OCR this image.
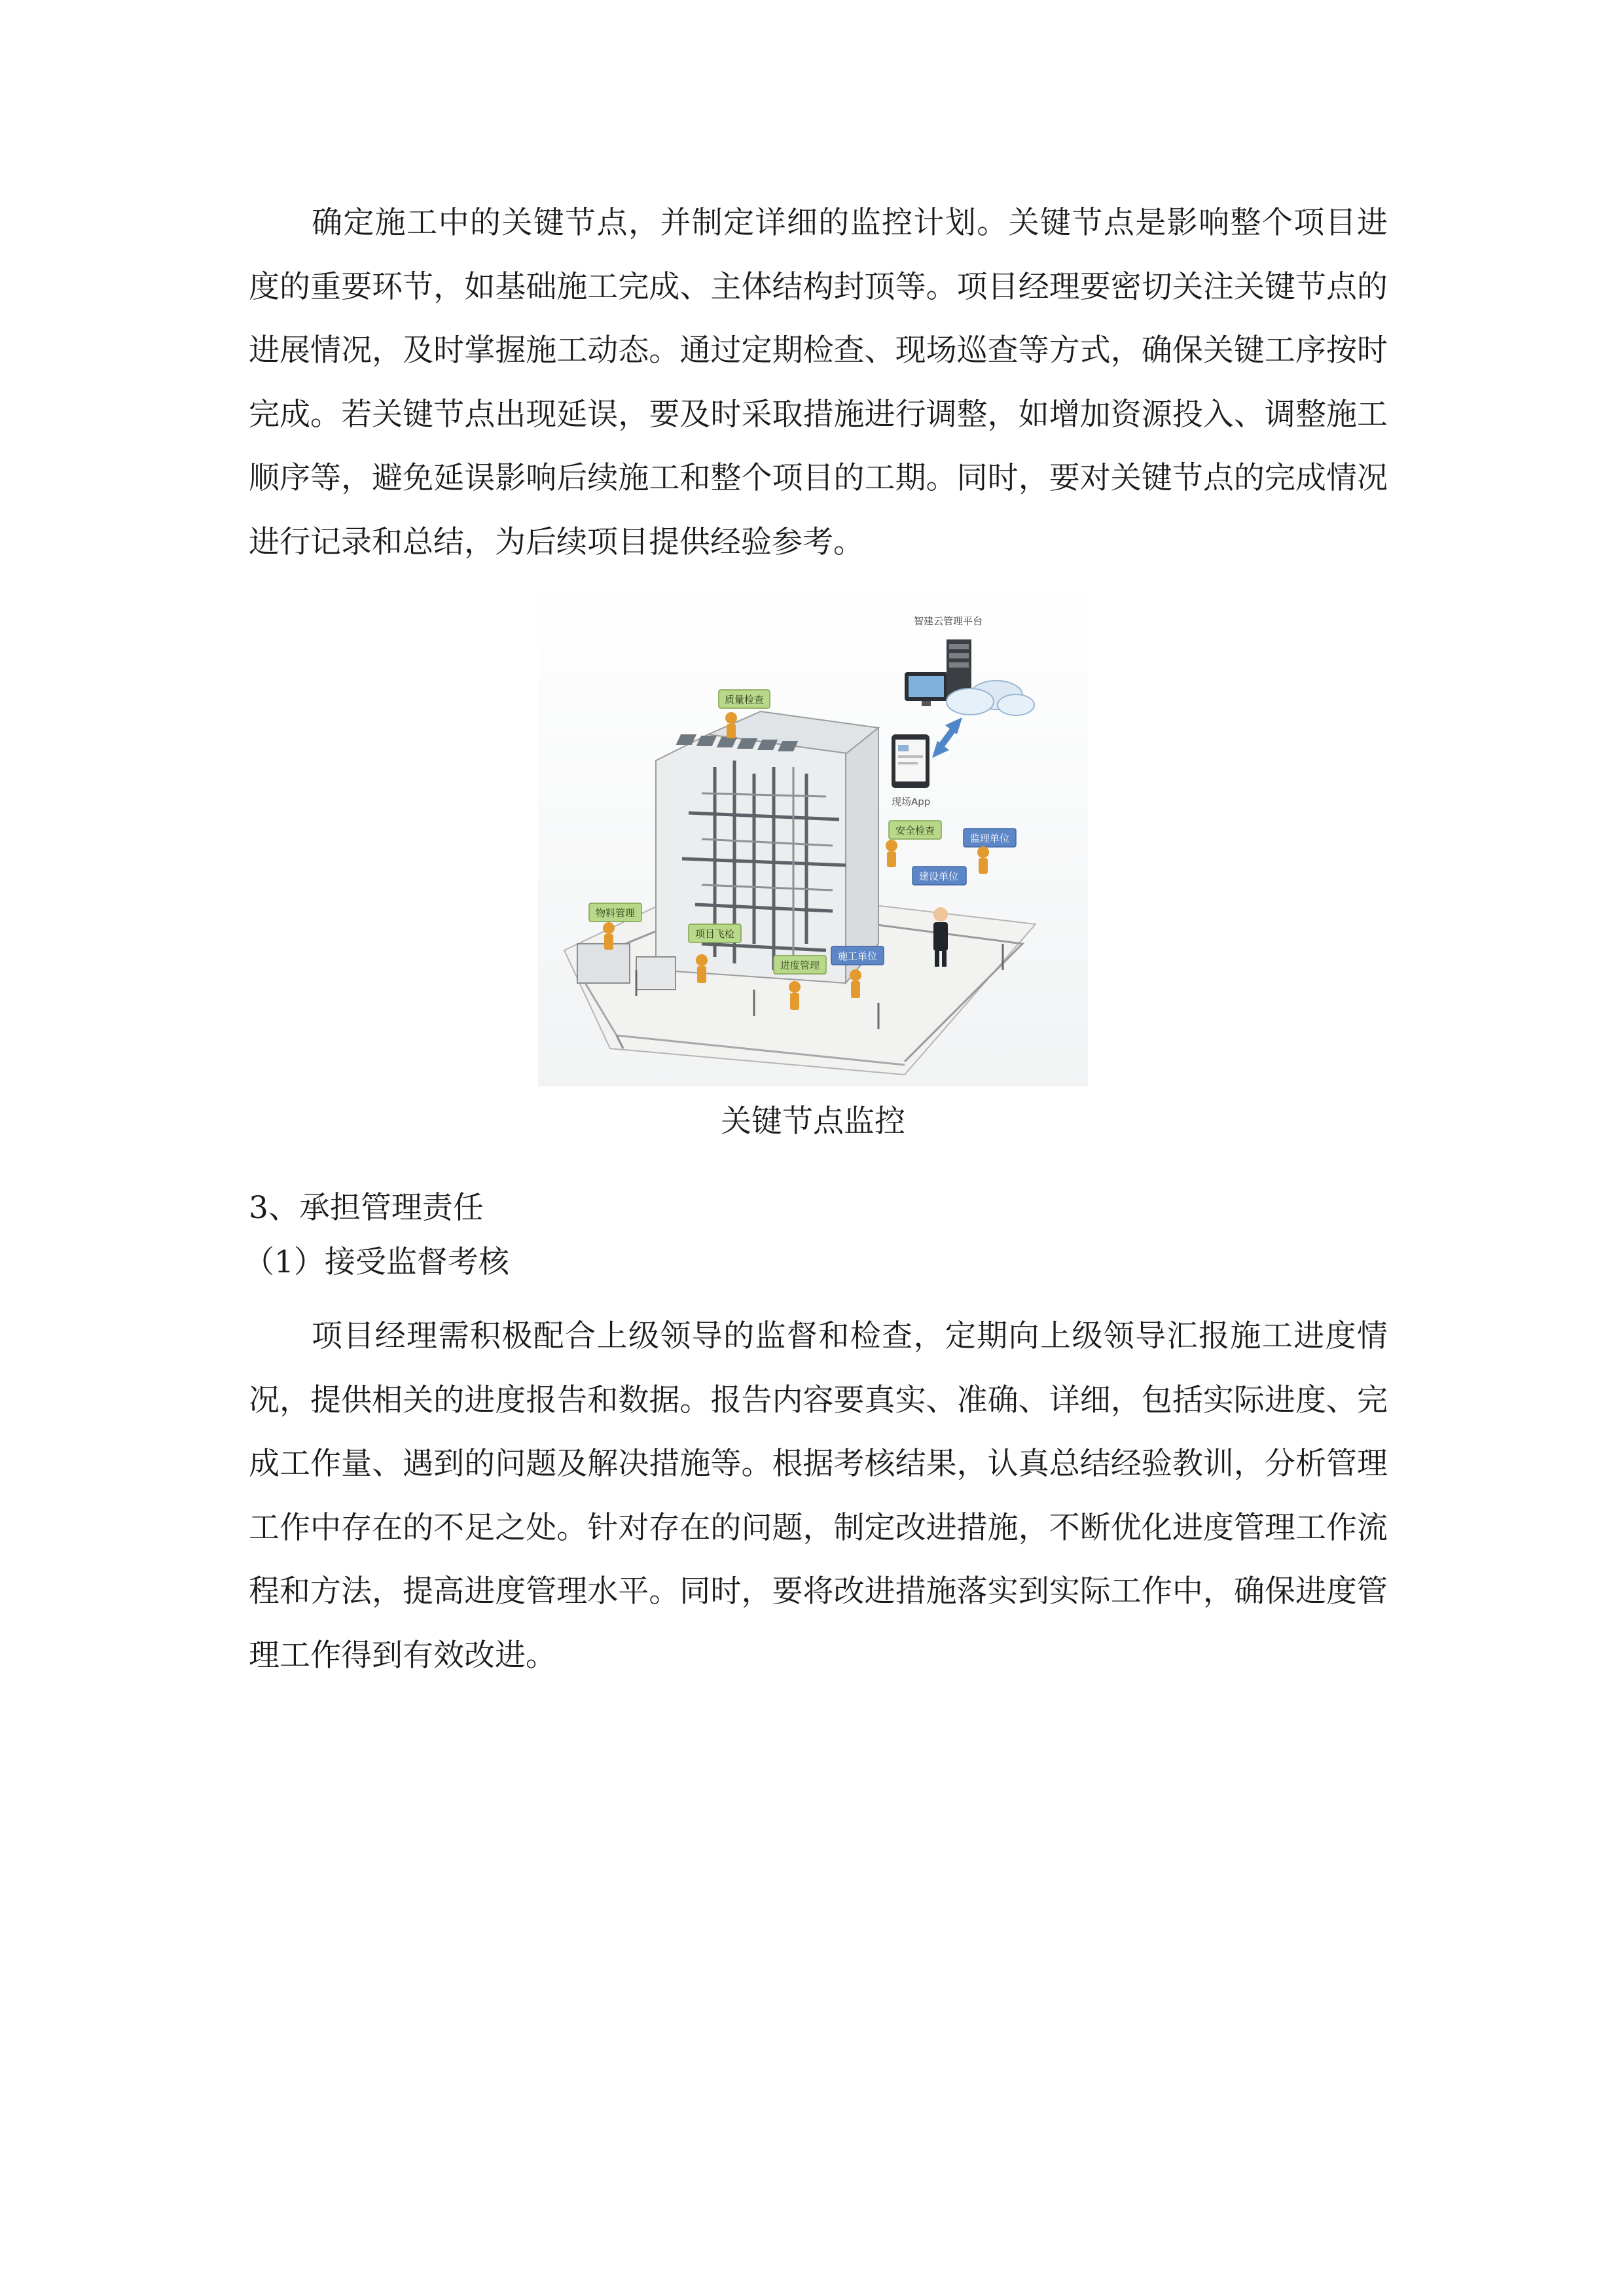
确定施工中的关键节点，并制定详细的监控计划。关键节点是影响整个项目进度的重要环节，如基础施工完成、主体结构封顶等。项目经理要密切关注关键节点的进展情况，及时掌握施工动态。通过定期检查、现场巡查等方式，确保关键工序按时完成。若关键节点出现延误，要及时采取措施进行调整，如增加资源投入、调整施工顺序等，避免延误影响后续施工和整个项目的工期。同时，要对关键节点的完成情况进行记录和总结，为后续项目提供经验参考。

智建云管理平台
现场App
质量检查
安全检查
监理单位
建设单位
物料管理
项目飞检
进度管理
施工单位

关键节点监控

3、承担管理责任

（1）接受监督考核

项目经理需积极配合上级领导的监督和检查，定期向上级领导汇报施工进度情况，提供相关的进度报告和数据。报告内容要真实、准确、详细，包括实际进度、完成工作量、遇到的问题及解决措施等。根据考核结果，认真总结经验教训，分析管理工作中存在的不足之处。针对存在的问题，制定改进措施，不断优化进度管理工作流程和方法，提高进度管理水平。同时，要将改进措施落实到实际工作中，确保进度管理工作得到有效改进。
